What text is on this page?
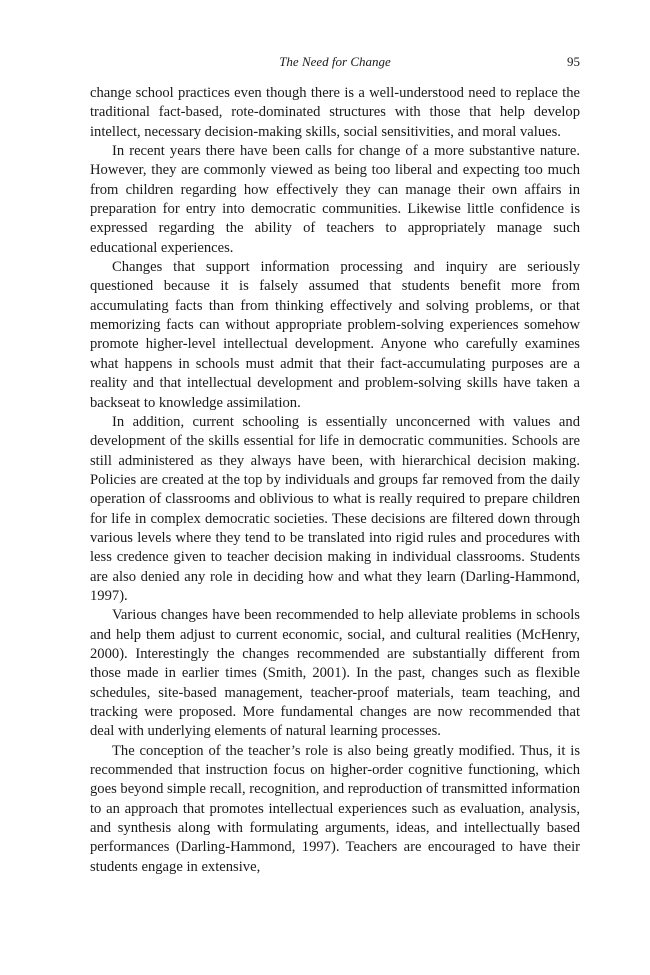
The Need for Change	95

change school practices even though there is a well-understood need to replace the traditional fact-based, rote-dominated structures with those that help develop intellect, necessary decision-making skills, social sensitivities, and moral values.

In recent years there have been calls for change of a more substantive nature. However, they are commonly viewed as being too liberal and expecting too much from children regarding how effectively they can manage their own affairs in preparation for entry into democratic communities. Likewise little confidence is expressed regarding the ability of teachers to appropriately manage such educational experiences.

Changes that support information processing and inquiry are seriously questioned because it is falsely assumed that students benefit more from accumulating facts than from thinking effectively and solving problems, or that memorizing facts can without appropriate problem-solving experiences somehow promote higher-level intellectual development. Anyone who carefully examines what happens in schools must admit that their fact-accumulating purposes are a reality and that intellectual development and problem-solving skills have taken a backseat to knowledge assimilation.

In addition, current schooling is essentially unconcerned with values and development of the skills essential for life in democratic communities. Schools are still administered as they always have been, with hierarchical decision making. Policies are created at the top by individuals and groups far removed from the daily operation of classrooms and oblivious to what is really required to prepare children for life in complex democratic societies. These decisions are filtered down through various levels where they tend to be translated into rigid rules and procedures with less credence given to teacher decision making in individual classrooms. Students are also denied any role in deciding how and what they learn (Darling-Hammond, 1997).

Various changes have been recommended to help alleviate problems in schools and help them adjust to current economic, social, and cultural realities (McHenry, 2000). Interestingly the changes recommended are substantially different from those made in earlier times (Smith, 2001). In the past, changes such as flexible schedules, site-based management, teacher-proof materials, team teaching, and tracking were proposed. More fundamental changes are now recommended that deal with underlying elements of natural learning processes.

The conception of the teacher’s role is also being greatly modified. Thus, it is recommended that instruction focus on higher-order cognitive functioning, which goes beyond simple recall, recognition, and reproduction of transmitted information to an approach that promotes intellectual experiences such as evaluation, analysis, and synthesis along with formulating arguments, ideas, and intellectually based performances (Darling-Hammond, 1997). Teachers are encouraged to have their students engage in extensive,
